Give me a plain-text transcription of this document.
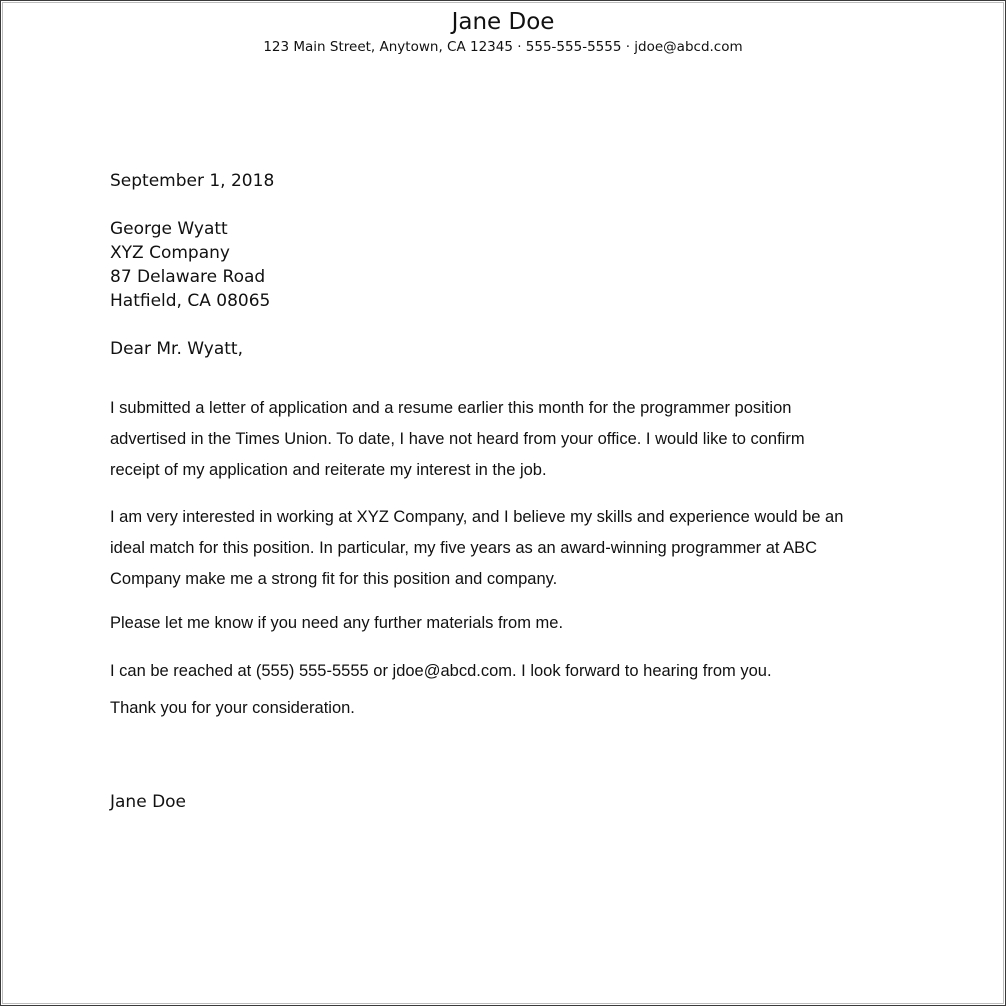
Jane Doe
123 Main Street, Anytown, CA 12345 · 555-555-5555 · jdoe@abcd.com
September 1, 2018
George Wyatt
XYZ Company
87 Delaware Road
Hatfield, CA 08065
Dear Mr. Wyatt,
I submitted a letter of application and a resume earlier this month for the programmer position
advertised in the Times Union. To date, I have not heard from your office. I would like to confirm
receipt of my application and reiterate my interest in the job.
I am very interested in working at XYZ Company, and I believe my skills and experience would be an
ideal match for this position. In particular, my five years as an award-winning programmer at ABC
Company make me a strong fit for this position and company.
Please let me know if you need any further materials from me.
I can be reached at (555) 555-5555 or jdoe@abcd.com. I look forward to hearing from you.
Thank you for your consideration.
Jane Doe
